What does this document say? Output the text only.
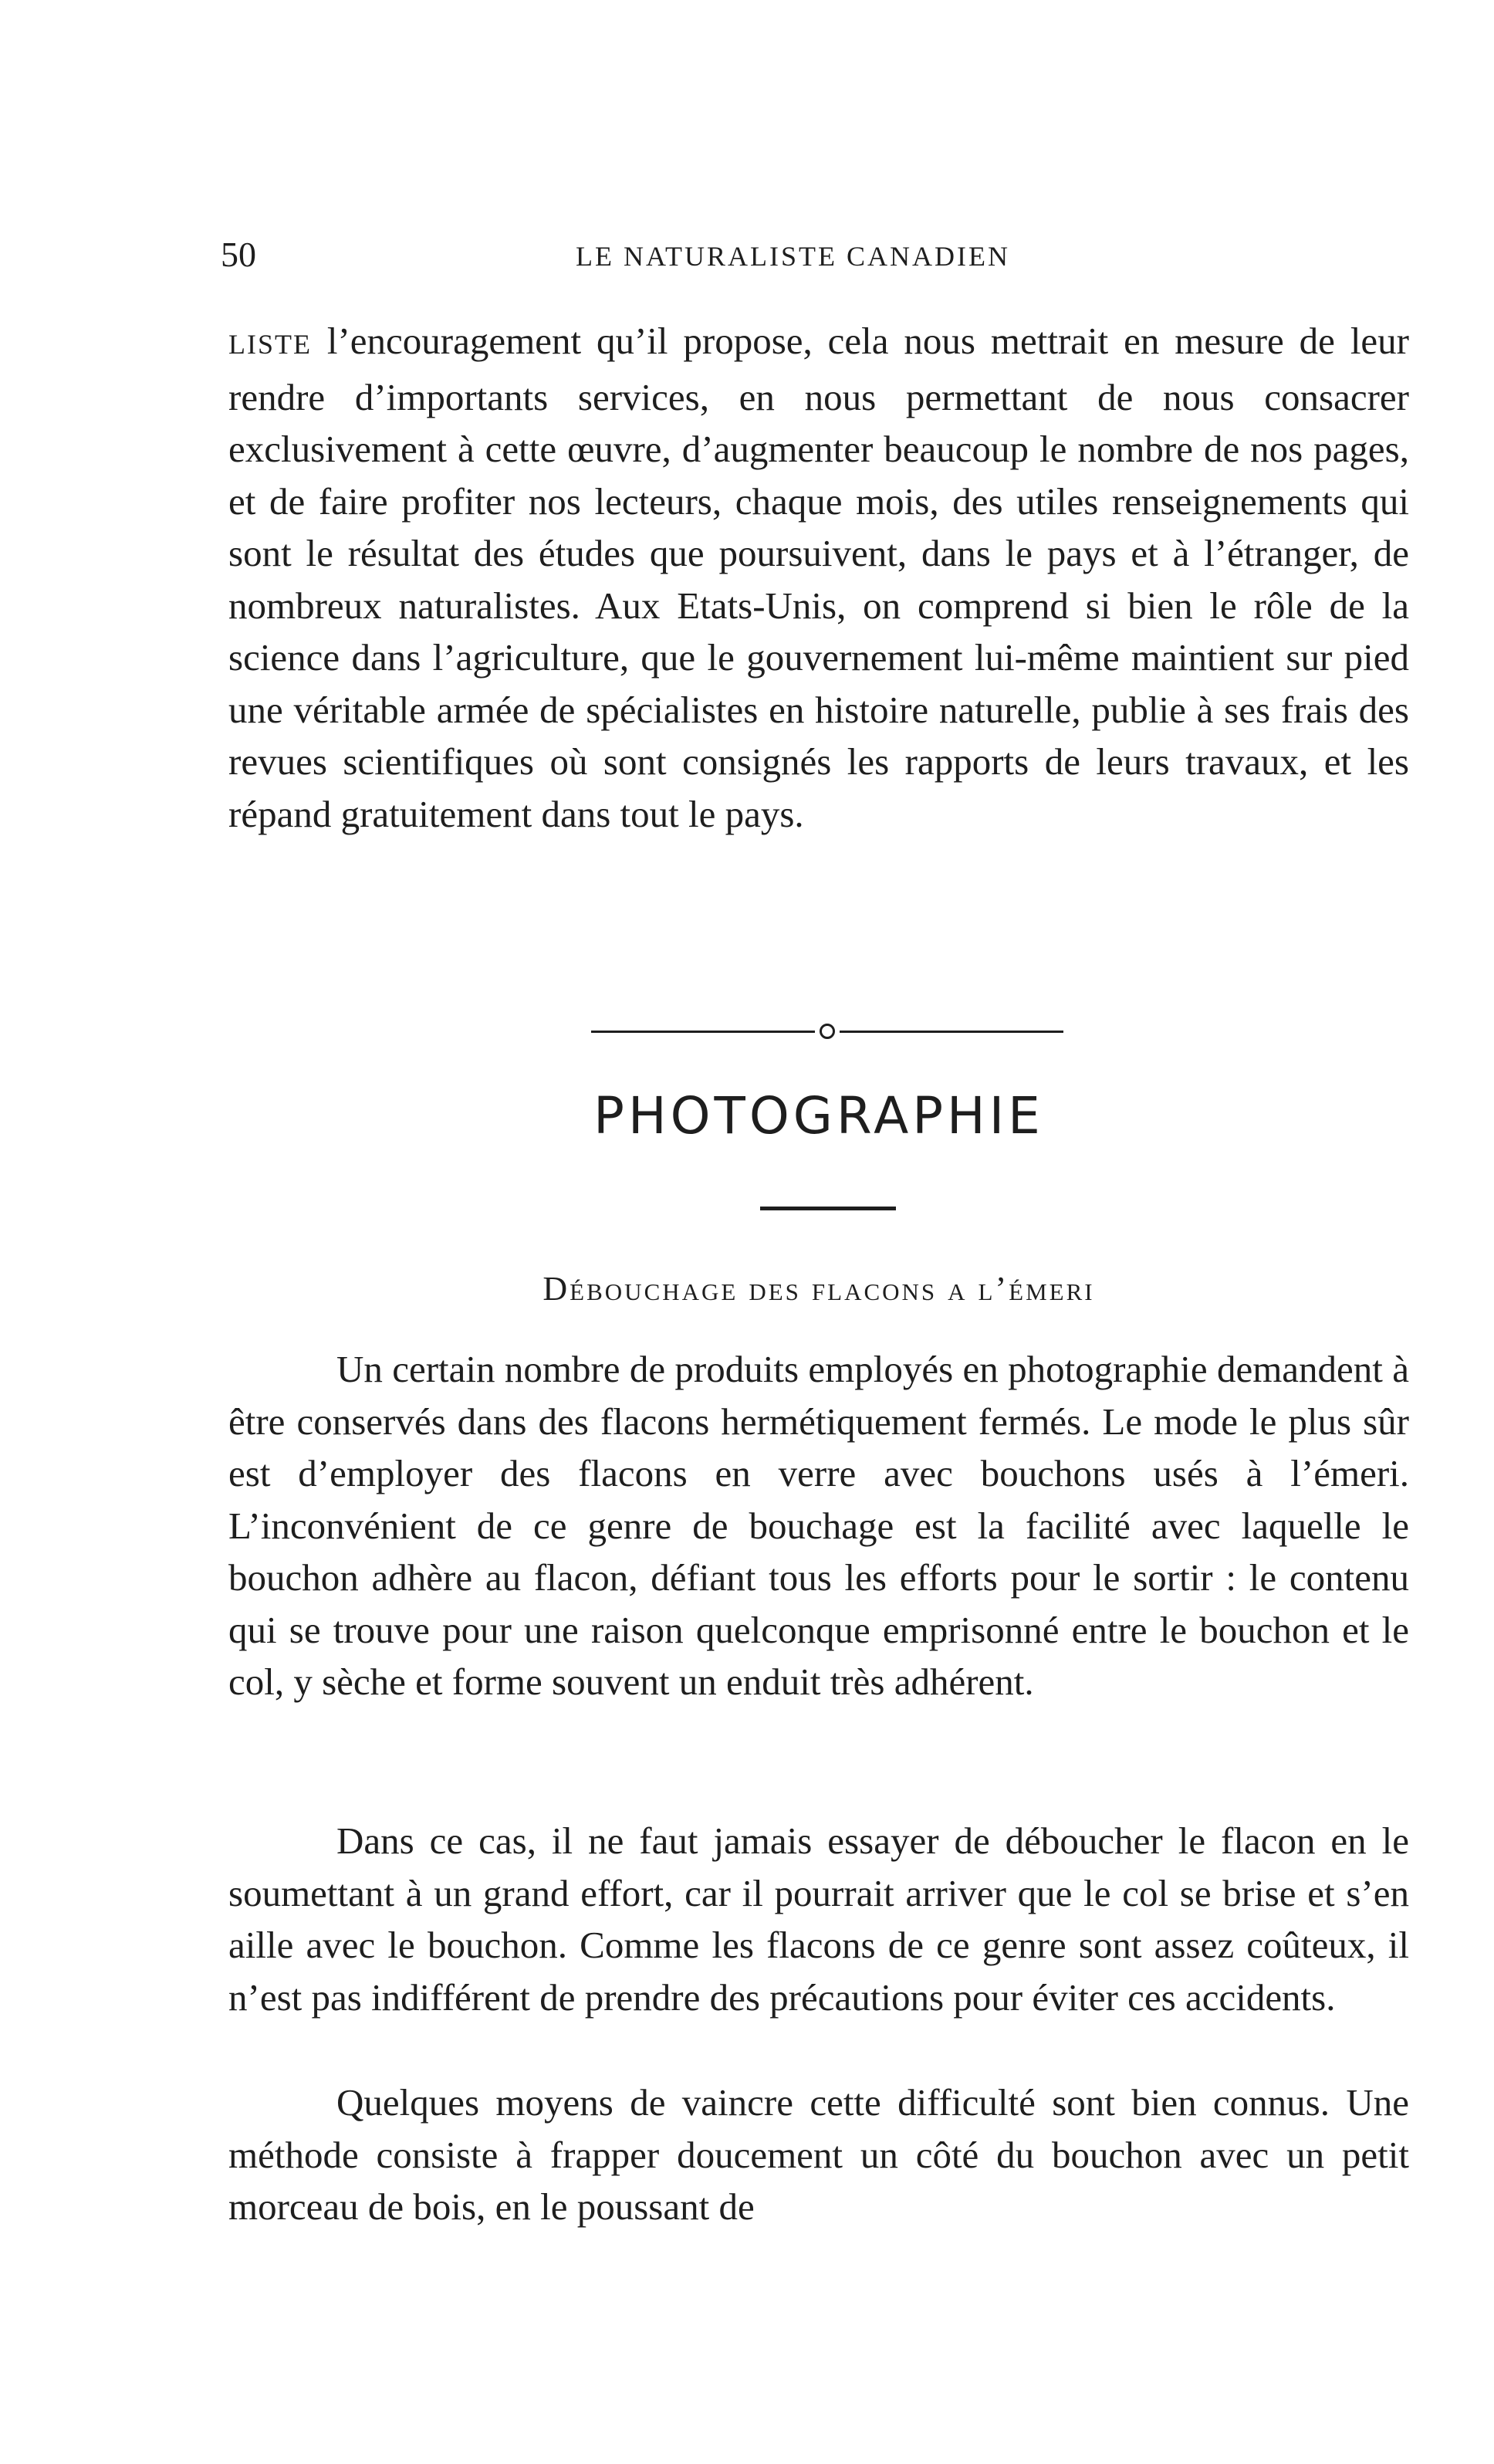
50	LE NATURALISTE CANADIEN

LISTE l’encouragement qu’il propose, cela nous mettrait en mesure de leur rendre d’importants services, en nous permettant de nous consacrer exclusivement à cette œuvre, d’augmenter beaucoup le nombre de nos pages, et de faire profiter nos lecteurs, chaque mois, des utiles renseignements qui sont le résultat des études que poursuivent, dans le pays et à l’étranger, de nombreux naturalistes. Aux Etats-Unis, on comprend si bien le rôle de la science dans l’agriculture, que le gouvernement lui-même maintient sur pied une véritable armée de spécialistes en histoire naturelle, publie à ses frais des revues scientifiques où sont consignés les rapports de leurs travaux, et les répand gratuitement dans tout le pays.

PHOTOGRAPHIE
Débouchage des flacons a l’émeri

Un certain nombre de produits employés en photographie demandent à être conservés dans des flacons hermétiquement fermés. Le mode le plus sûr est d’employer des flacons en verre avec bouchons usés à l’émeri. L’inconvénient de ce genre de bouchage est la facilité avec laquelle le bouchon adhère au flacon, défiant tous les efforts pour le sortir : le contenu qui se trouve pour une raison quelconque emprisonné entre le bouchon et le col, y sèche et forme souvent un enduit très adhérent.

Dans ce cas, il ne faut jamais essayer de déboucher le flacon en le soumettant à un grand effort, car il pourrait arriver que le col se brise et s’en aille avec le bouchon. Comme les flacons de ce genre sont assez coûteux, il n’est pas indifférent de prendre des précautions pour éviter ces accidents.

Quelques moyens de vaincre cette difficulté sont bien connus. Une méthode consiste à frapper doucement un côté du bouchon avec un petit morceau de bois, en le poussant de
